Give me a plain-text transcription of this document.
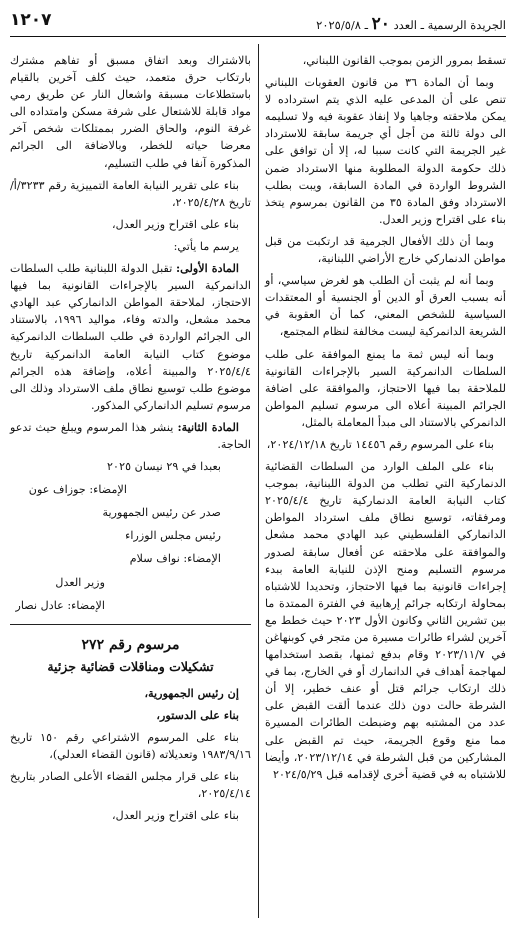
١٢٠٧	الجريدة الرسمية ـ العدد ٢٠ ـ ٢٠٢٥/٥/٨

تسقط بمرور الزمن بموجب القانون اللبناني،

وبما أن المادة ٣٦ من قانون العقوبات اللبناني تنص على أن المدعى عليه الذي يتم استرداده لا يمكن ملاحقته وجاهيا ولا إنفاذ عقوبة فيه ولا تسليمه الى دولة ثالثة من أجل أي جريمة سابقة للاسترداد غير الجريمة التي كانت سببا له، إلا أن توافق على ذلك حكومة الدولة المطلوبة منها الاسترداد ضمن الشروط الواردة في المادة السابقة، ويبت بطلب الاسترداد وفق المادة ٣٥ من القانون بمرسوم يتخذ بناء على اقتراح وزير العدل.

وبما أن ذلك الأفعال الجرمية قد ارتكبت من قبل مواطن الدنماركي خارج الأراضي اللبنانية،

وبما أنه لم يثبت أن الطلب هو لغرض سياسي، أو أنه بسبب العرق أو الدين أو الجنسية أو المعتقدات السياسية للشخص المعني، كما أن العقوبة في الشريعة الدانمركية ليست مخالفة لنظام المجتمع،

وبما أنه ليس ثمة ما يمنع الموافقة على طلب السلطات الدانمركية السير بالإجراءات القانونية للملاحقة بما فيها الاحتجاز، والموافقة على اضافة الجرائم المبينة أعلاه الى مرسوم تسليم المواطن الدانمركي بالاستناد الى مبدأ المعاملة بالمثل،

بناء على المرسوم رقم ١٤٤٥٦ تاريخ ٢٠٢٤/١٢/١٨،

بناء على الملف الوارد من السلطات القضائية الدنمارکية التي تطلب من الدولة اللبنانية، بموجب كتاب النيابة العامة الدنماركية تاريخ ٢٠٢٥/٤/٤ ومرفقاته، توسيع نطاق ملف استرداد المواطن الدانماركي الفلسطيني عبد الهادي محمد مشعل والموافقة على ملاحقته عن أفعال سابقة لصدور مرسوم التسليم ومنح الإذن للنيابة العامة ببدء إجراءات قانونية بما فيها الاحتجاز، وتحديدا للاشتباه بمحاولة ارتكابه جرائم إرهابية في الفترة الممتدة ما بين تشرين الثاني وكانون الأول ٢٠٢٣ حيث خطط مع آخرين لشراء طائرات مسيرة من متجر في كوبنهاغن في ٢٠٢٣/١١/٧ وقام بدفع ثمنها، بقصد استخدامها لمهاجمة أهداف في الدانمارك أو في الخارج، بما في ذلك ارتكاب جرائم قتل أو عنف خطير، إلا أن الشرطة حالت دون ذلك عندما ألقت القبض على عدد من المشتبه بهم وضبطت الطائرات المسيرة مما منع وقوع الجريمة، حيث تم القبض على المشاركين من قبل الشرطة في ٢٠٢٣/١٢/١٤، وأيضا للاشتباه به في قضية أخرى لإقدامه قبل ٢٠٢٤/٥/٢٩

بالاشتراك وبعد اتفاق مسبق أو تفاهم مشترك بارتكاب حرق متعمد، حيث كلف آخرين بالقيام باستطلاعات مسبقة واشعال النار عن طريق رمي مواد قابلة للاشتعال على شرفة مسكن وامتداده الى غرفة النوم، والحاق الضرر بممتلكات شخص آخر معرضا حياته للخطر، وبالاضافة الى الجرائم المذكورة آنفا في طلب التسليم،

بناء على تقرير النيابة العامة التمييزية رقم ٣٢٣٣/أ/ تاريخ ٢٠٢٥/٤/٢٨،

بناء على اقتراح وزير العدل،

يرسم ما يأتي:

المادة الأولى: تقبل الدولة اللبنانية طلب السلطات الدانمركية السير بالإجراءات القانونية بما فيها الاحتجاز، لملاحقة المواطن الدانماركي عبد الهادي محمد مشعل، والدته وفاء، مواليد ١٩٩٦، بالاستناد الى الجرائم الواردة في طلب السلطات الدانمركية موضوع كتاب النيابة العامة الدانمركية تاريخ ٢٠٢٥/٤/٤ والمبينة أعلاه، وإضافة هذه الجرائم موضوع طلب توسيع نطاق ملف الاسترداد وذلك الى مرسوم تسليم الدانماركي المذكور.

المادة الثانية: ينشر هذا المرسوم ويبلغ حيث تدعو الحاجة.

بعبدا في ٢٩ نيسان ٢٠٢٥

الإمضاء: جوزاف عون

صدر عن رئيس الجمهورية

رئيس مجلس الوزراء

الإمضاء: نواف سلام

وزير العدل

الإمضاء: عادل نصار

مرسوم رقم ٢٧٢

تشكيلات ومناقلات قضائية جزئية

إن رئيس الجمهورية،

بناء على الدستور،

بناء على المرسوم الاشتراعي رقم ١٥٠ تاريخ ١٩٨٣/٩/١٦ وتعديلاته (قانون القضاء العدلي)،

بناء على قرار مجلس القضاء الأعلى الصادر بتاريخ ٢٠٢٥/٤/١٤،

بناء على اقتراح وزير العدل،
